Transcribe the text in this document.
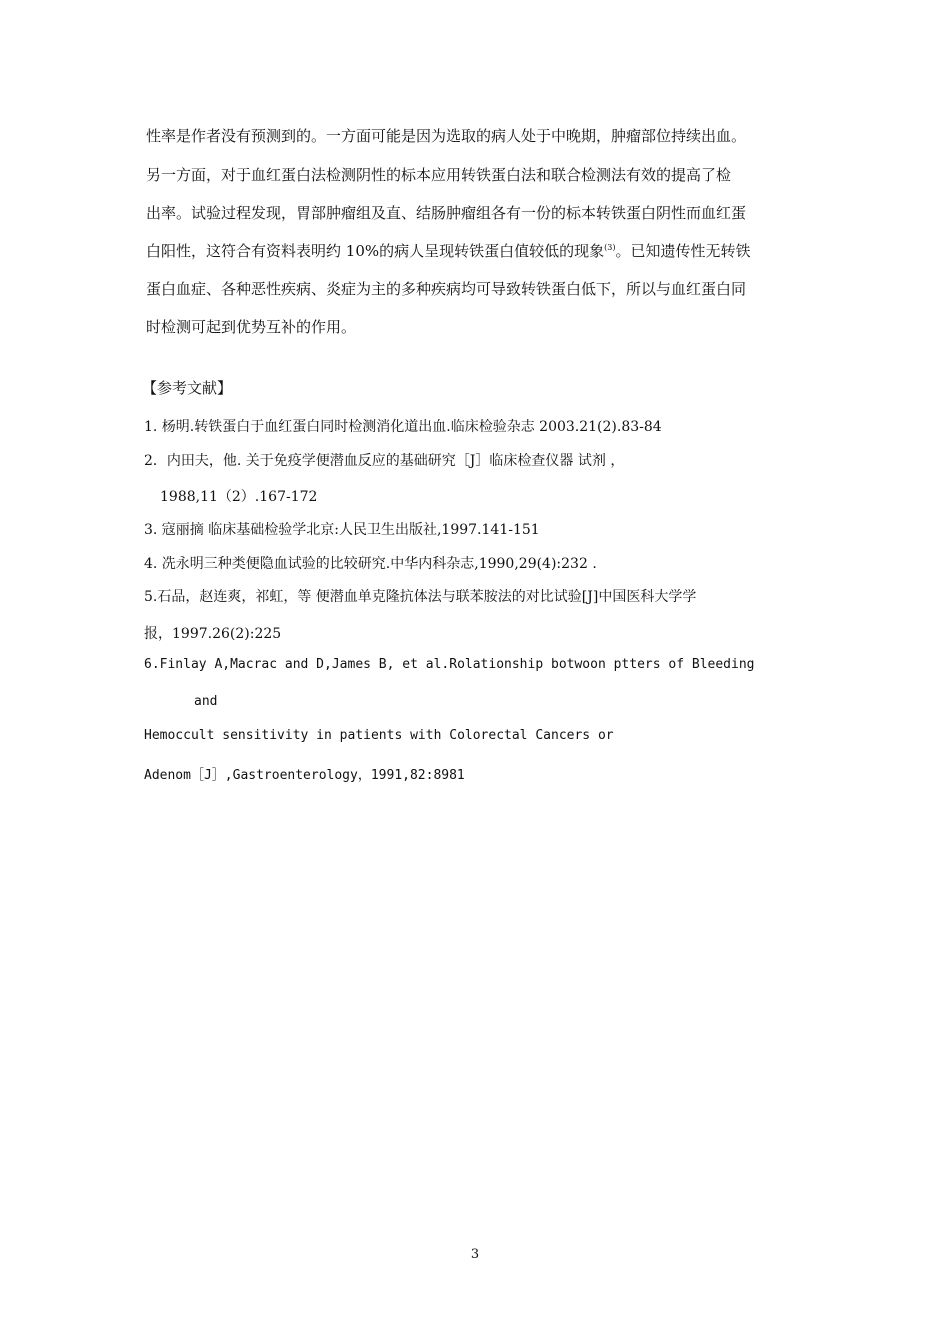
性率是作者没有预测到的。一方面可能是因为选取的病人处于中晚期，肿瘤部位持续出血。
另一方面，对于血红蛋白法检测阴性的标本应用转铁蛋白法和联合检测法有效的提高了检
出率。试验过程发现，胃部肿瘤组及直、结肠肿瘤组各有一份的标本转铁蛋白阴性而血红蛋
白阳性，这符合有资料表明约 10%的病人呈现转铁蛋白值较低的现象$^{(3)}$。已知遗传性无转铁
蛋白血症、各种恶性疾病、炎症为主的多种疾病均可导致转铁蛋白低下，所以与血红蛋白同
时检测可起到优势互补的作用。
【参考文献】
1. 杨明.转铁蛋白于血红蛋白同时检测消化道出血.临床检验杂志 2003.21(2).83-84
2．内田夫，他. 关于免疫学便潜血反应的基础研究［J］临床检查仪器 试剂 ，
1988,11（2）.167-172
3. 寇丽摘 临床基础检验学北京:人民卫生出版社,1997.141-151
4. 冼永明三种类便隐血试验的比较研究.中华内科杂志,1990,29(4):232 .
5.石品，赵连爽，祁虹，等 便潜血单克隆抗体法与联苯胺法的对比试验[J]中国医科大学学
报，1997.26(2):225
6.Finlay A,Macrac and D,James B, et al.Rolationship botwoon ptters of Bleeding
and
Hemoccult sensitivity in patients with Colorectal Cancers or
Adenom［J］,Gastroenterology，1991,82:8981
3
